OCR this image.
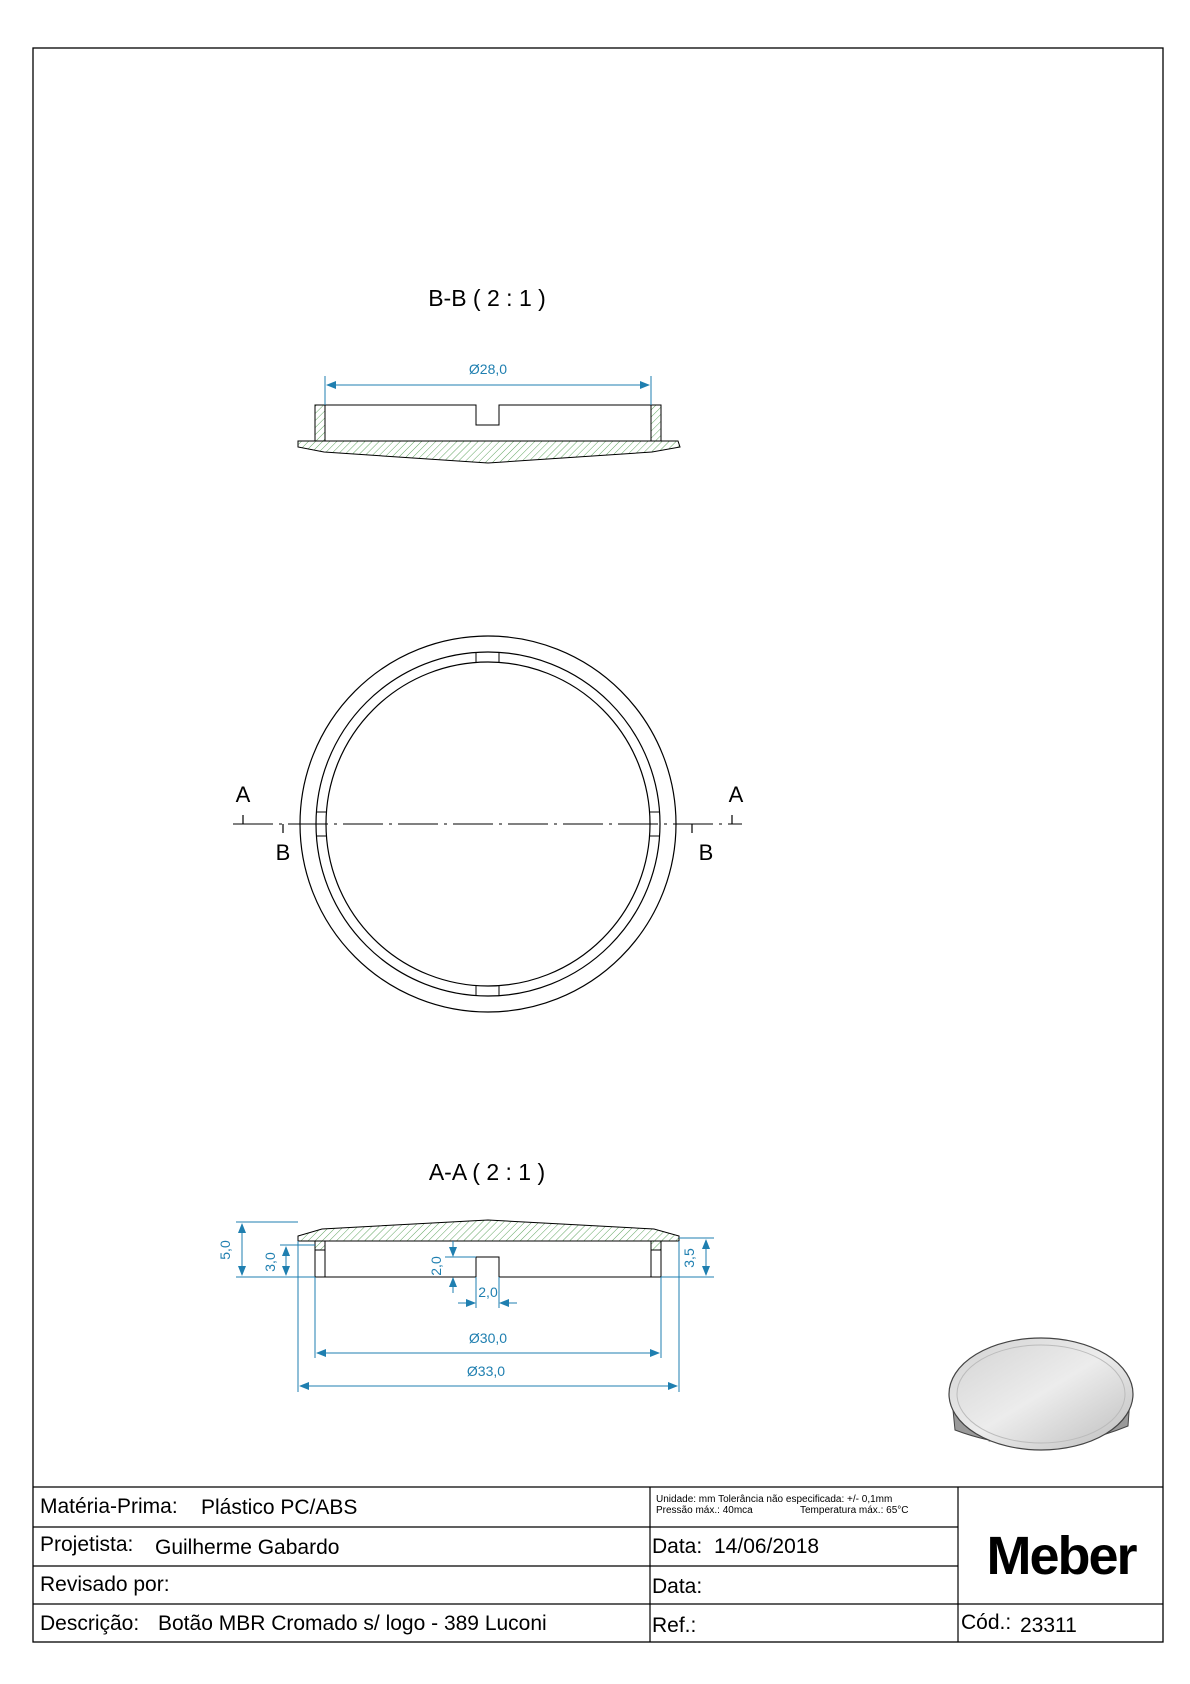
B-B ( 2 : 1 )
Ø28,0
A	A
B	B
A-A ( 2 : 1 )
5,0
3,0	2,0
2,0
3,5
Ø30,0
Ø33,0
Matéria-Prima: Plástico PC/ABS
Projetista: Guilherme Gabardo
Revisado por:
Descrição: Botão MBR Cromado s/ logo - 389 Luconi
Unidade: mm Tolerância não especificada: +/- 0,1mm
Pressão máx.: 40mca	Temperatura máx.: 65°C
Data: 14/06/2018
Data:
Ref.:	Cód.: 23311
Meber
